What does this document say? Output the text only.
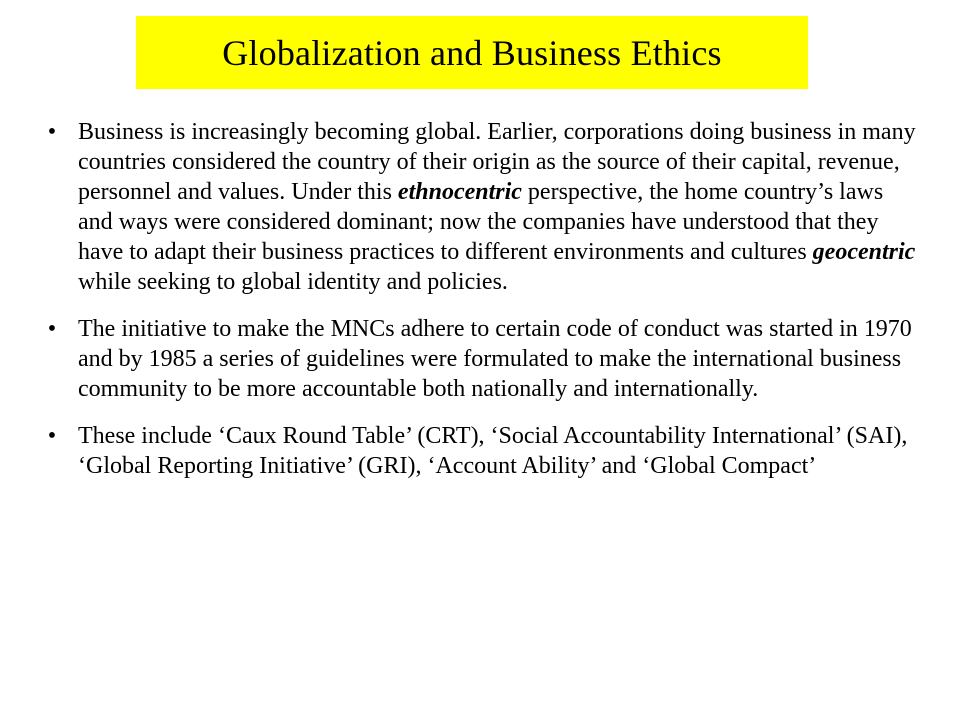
Globalization and Business Ethics
• Business is increasingly becoming global. Earlier, corporations doing business in many countries considered the country of their origin as the source of their capital, revenue, personnel and values. Under this ethnocentric perspective, the home country’s laws and ways were considered dominant; now the companies have understood that they have to adapt their business practices to different environments and cultures geocentric while seeking to global identity and policies.
• The initiative to make the MNCs adhere to certain code of conduct was started in 1970 and by 1985 a series of guidelines were formulated to make the international business community to be more accountable both nationally and internationally.
• These include ‘Caux Round Table’ (CRT), ‘Social Accountability International’ (SAI), ‘Global Reporting Initiative’ (GRI), ‘Account Ability’ and ‘Global Compact’
